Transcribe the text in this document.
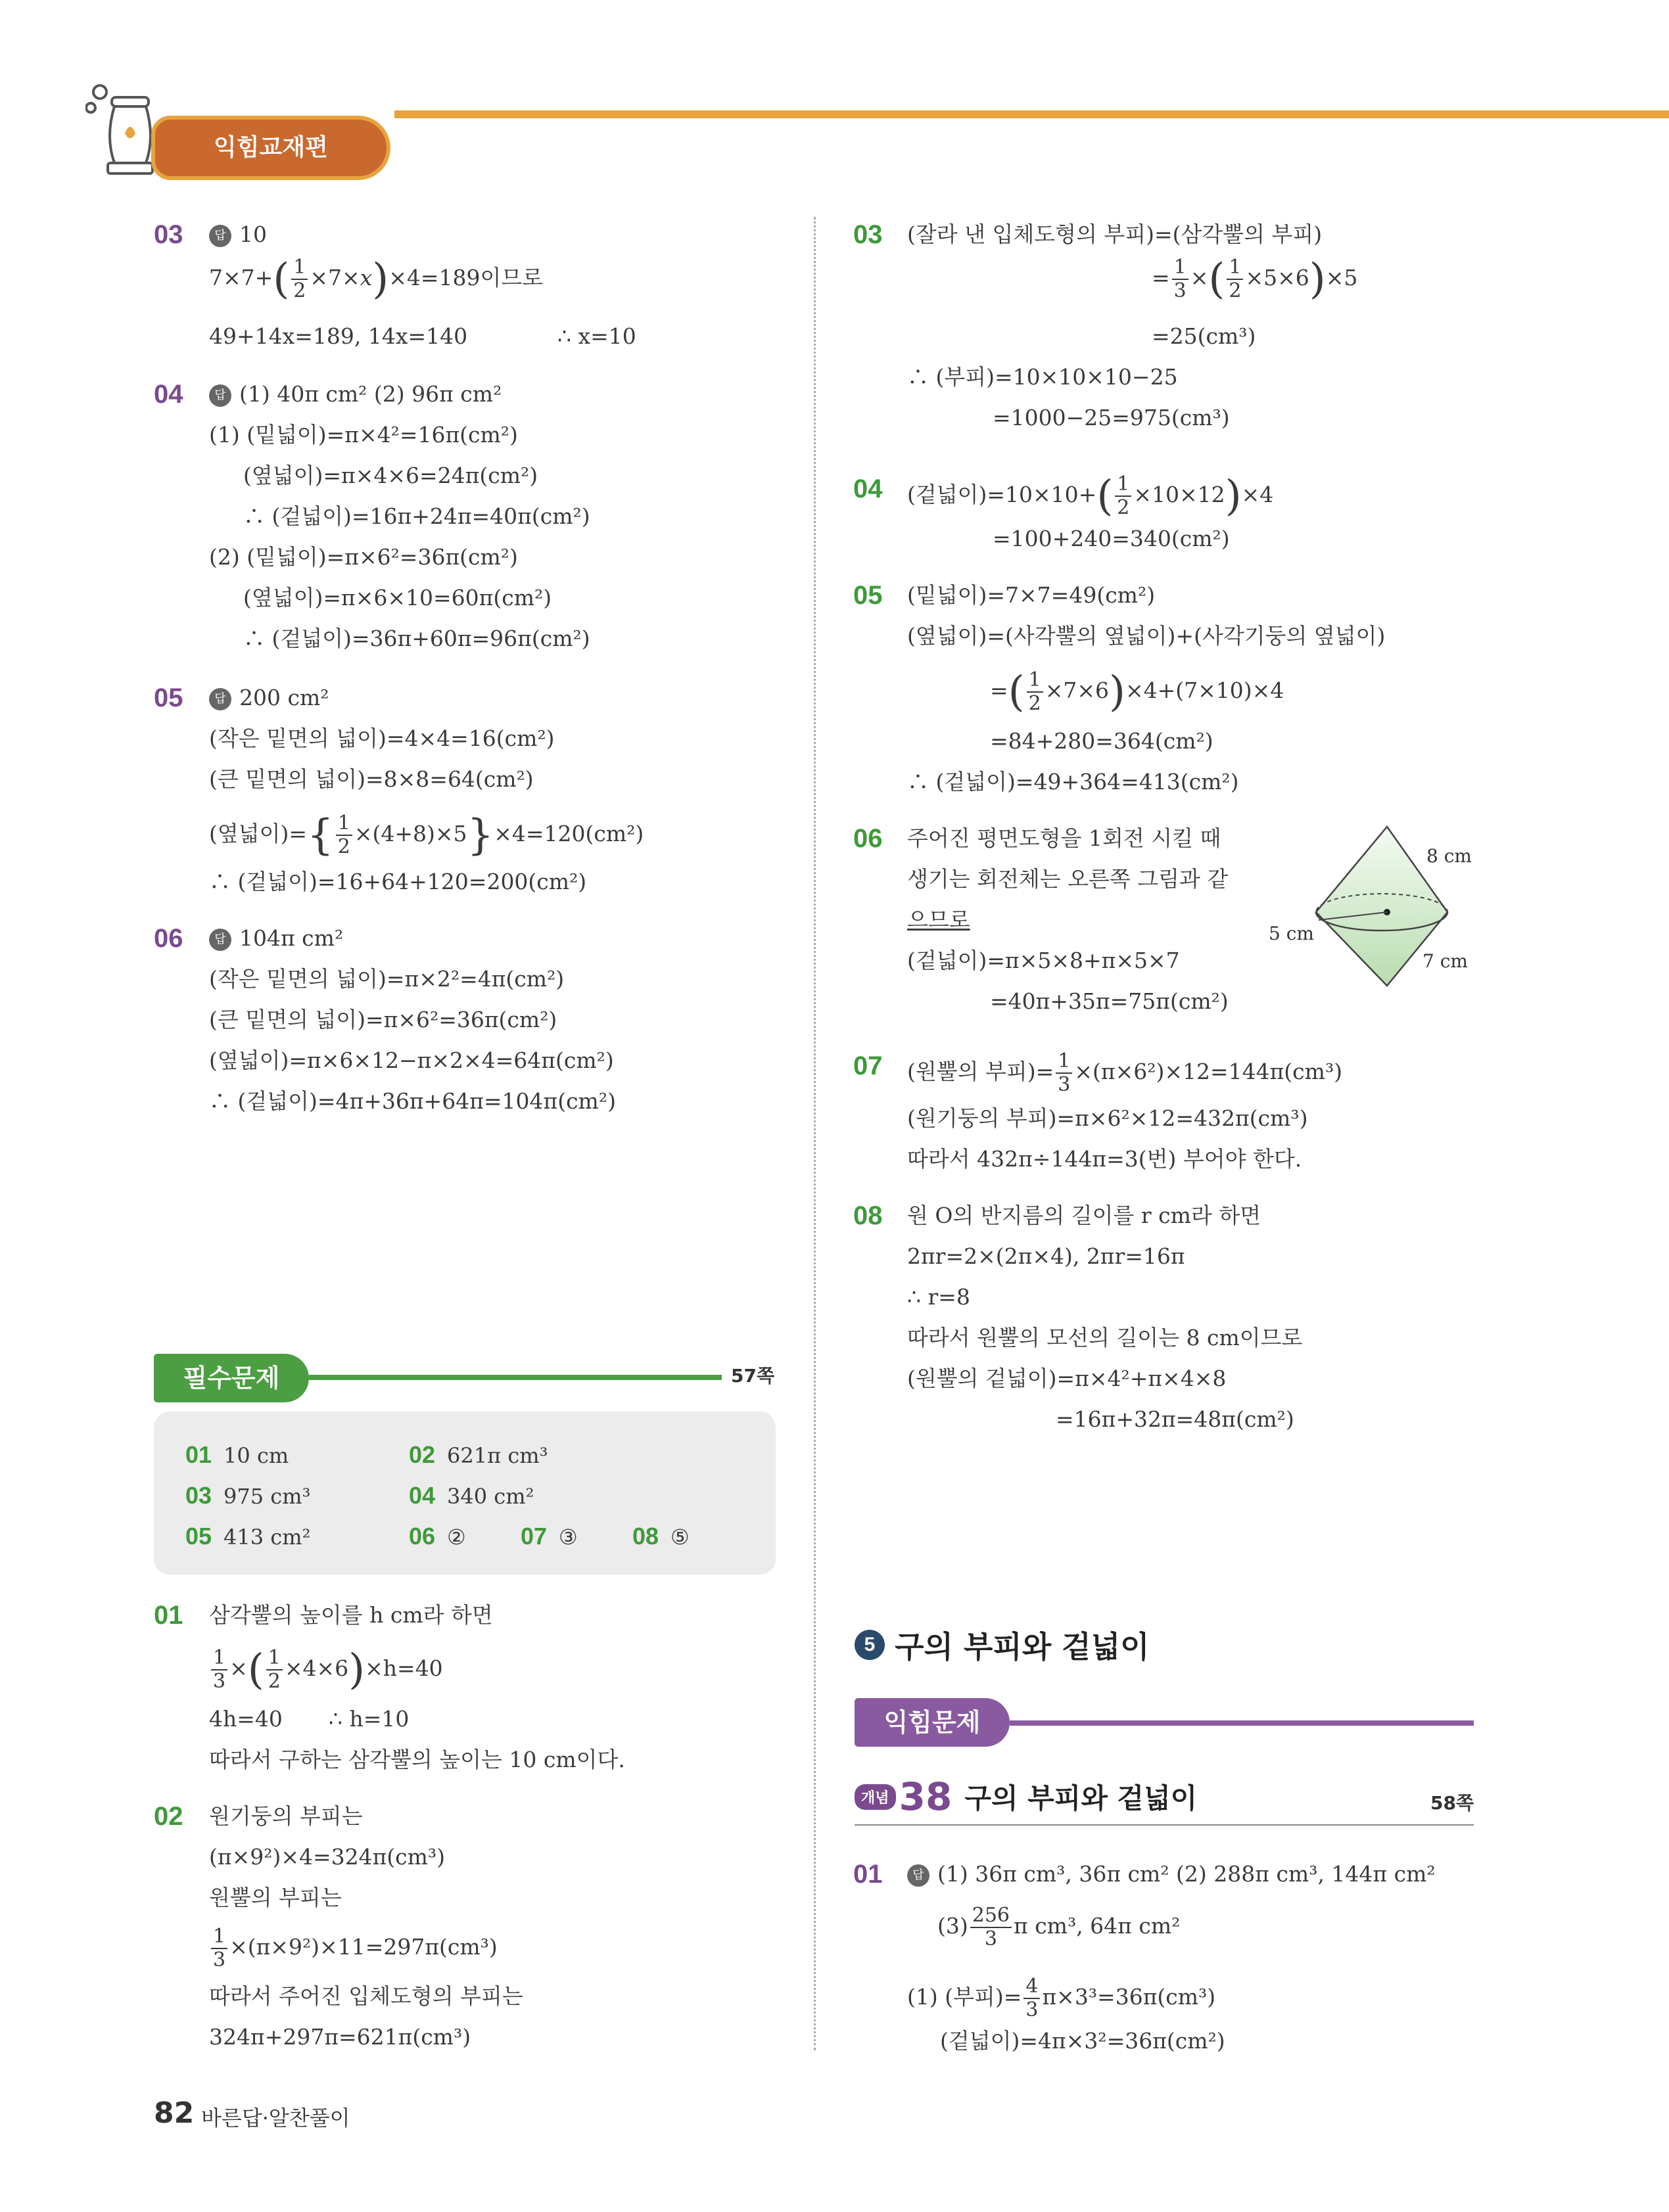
익힘교재편
03	답 10
$7\times 7+( \frac{1}{2} \times 7\times x)\times 4=189$이므로
49+14x=189, 14x=140	∴ x=10
04	답 (1) 40π cm² (2) 96π cm²
(1) (밑넓이)=π×4²=16π(cm²)
(옆넓이)=π×4×6=24π(cm²)
∴ (겉넓이)=16π+24π=40π(cm²)
(2) (밑넓이)=π×6²=36π(cm²)
(옆넓이)=π×6×10=60π(cm²)
∴ (겉넓이)=36π+60π=96π(cm²)
05	답 200 cm²
(작은 밑면의 넓이)=4×4=16(cm²)
(큰 밑면의 넓이)=8×8=64(cm²)
(옆넓이)={ $\frac{1}{2} \times(4+8)\times 5\}\times 4=120(cm^2)$
∴ (겉넓이)=16+64+120=200(cm²)
06	답 104π cm²
(작은 밑면의 넓이)=π×2²=4π(cm²)
(큰 밑면의 넓이)=π×6²=36π(cm²)
(옆넓이)=π×6×12−π×2×4=64π(cm²)
∴ (겉넓이)=4π+36π+64π=104π(cm²)
필수문제	57쪽
01 10 cm	02 621π cm³
03 975 cm³	04 340 cm²
05 413 cm²	06 ② 07 ③ 08 ⑤
01 삼각뿔의 높이를 h cm라 하면
$\frac{1}{3}$ ×( $\frac{1}{2} \times 4\times 6)\times h=40$
4h=40 ∴ h=10
따라서 구하는 삼각뿔의 높이는 10 cm이다.
02 원기둥의 부피는
(π×9²)×4=324π(cm³)
원뿔의 부피는
$\frac{1}{3} \times(\pi\times 9^2)\times 11=297\pi(cm^3)$
따라서 주어진 입체도형의 부피는
324π+297π=621π(cm³)
82 바른답·알찬풀이
03 (잘라 낸 입체도형의 부피)=(삼각뿔의 부피)
= $\frac{1}{3}$ ×( $\frac{1}{2} \times 5\times 6)\times 5$
=25(cm³)
∴ (부피)=10×10×10−25
=1000−25=975(cm³)
04 (겉넓이)$=10\times 10+( \frac{1}{2} \times 10\times 12)\times 4$
=100+240=340(cm²)
05 (밑넓이)=7×7=49(cm²)
(옆넓이)=(사각뿔의 옆넓이)+(사각기둥의 옆넓이)
=( $\frac{1}{2} \times 7\times 6)\times 4+(7\times 10)\times 4$
=84+280=364(cm²)
∴ (겉넓이)=49+364=413(cm²)
06 주어진 평면도형을 1회전 시킬 때
생기는 회전체는 오른쪽 그림과 같
으므로
(겉넓이)=π×5×8+π×5×7
=40π+35π=75π(cm²)
8 cm
5 cm
7 cm
07 (원뿔의 부피)= $\frac{1}{3} \times(\pi\times 6^2)\times 12=144\pi(cm^3)$
(원기둥의 부피)=π×6²×12=432π(cm³)
따라서 432π÷144π=3(번) 부어야 한다.
08 원 O의 반지름의 길이를 r cm라 하면
2πr=2×(2π×4), 2πr=16π
∴ r=8
따라서 원뿔의 모선의 길이는 8 cm이므로
(원뿔의 겉넓이)=π×4²+π×4×8
=16π+32π=48π(cm²)
5 구의 부피와 겉넓이
익힘문제
개념 38 구의 부피와 겉넓이	58쪽
01	답 (1) 36π cm³, 36π cm² (2) 288π cm³, 144π cm²
$(3) \frac{256}{3}$ π cm³, 64π cm²
(1) (부피)= $\frac{4}{3} \pi\times 3^3=36\pi(cm^3)$
(겉넓이)=4π×3²=36π(cm²)
